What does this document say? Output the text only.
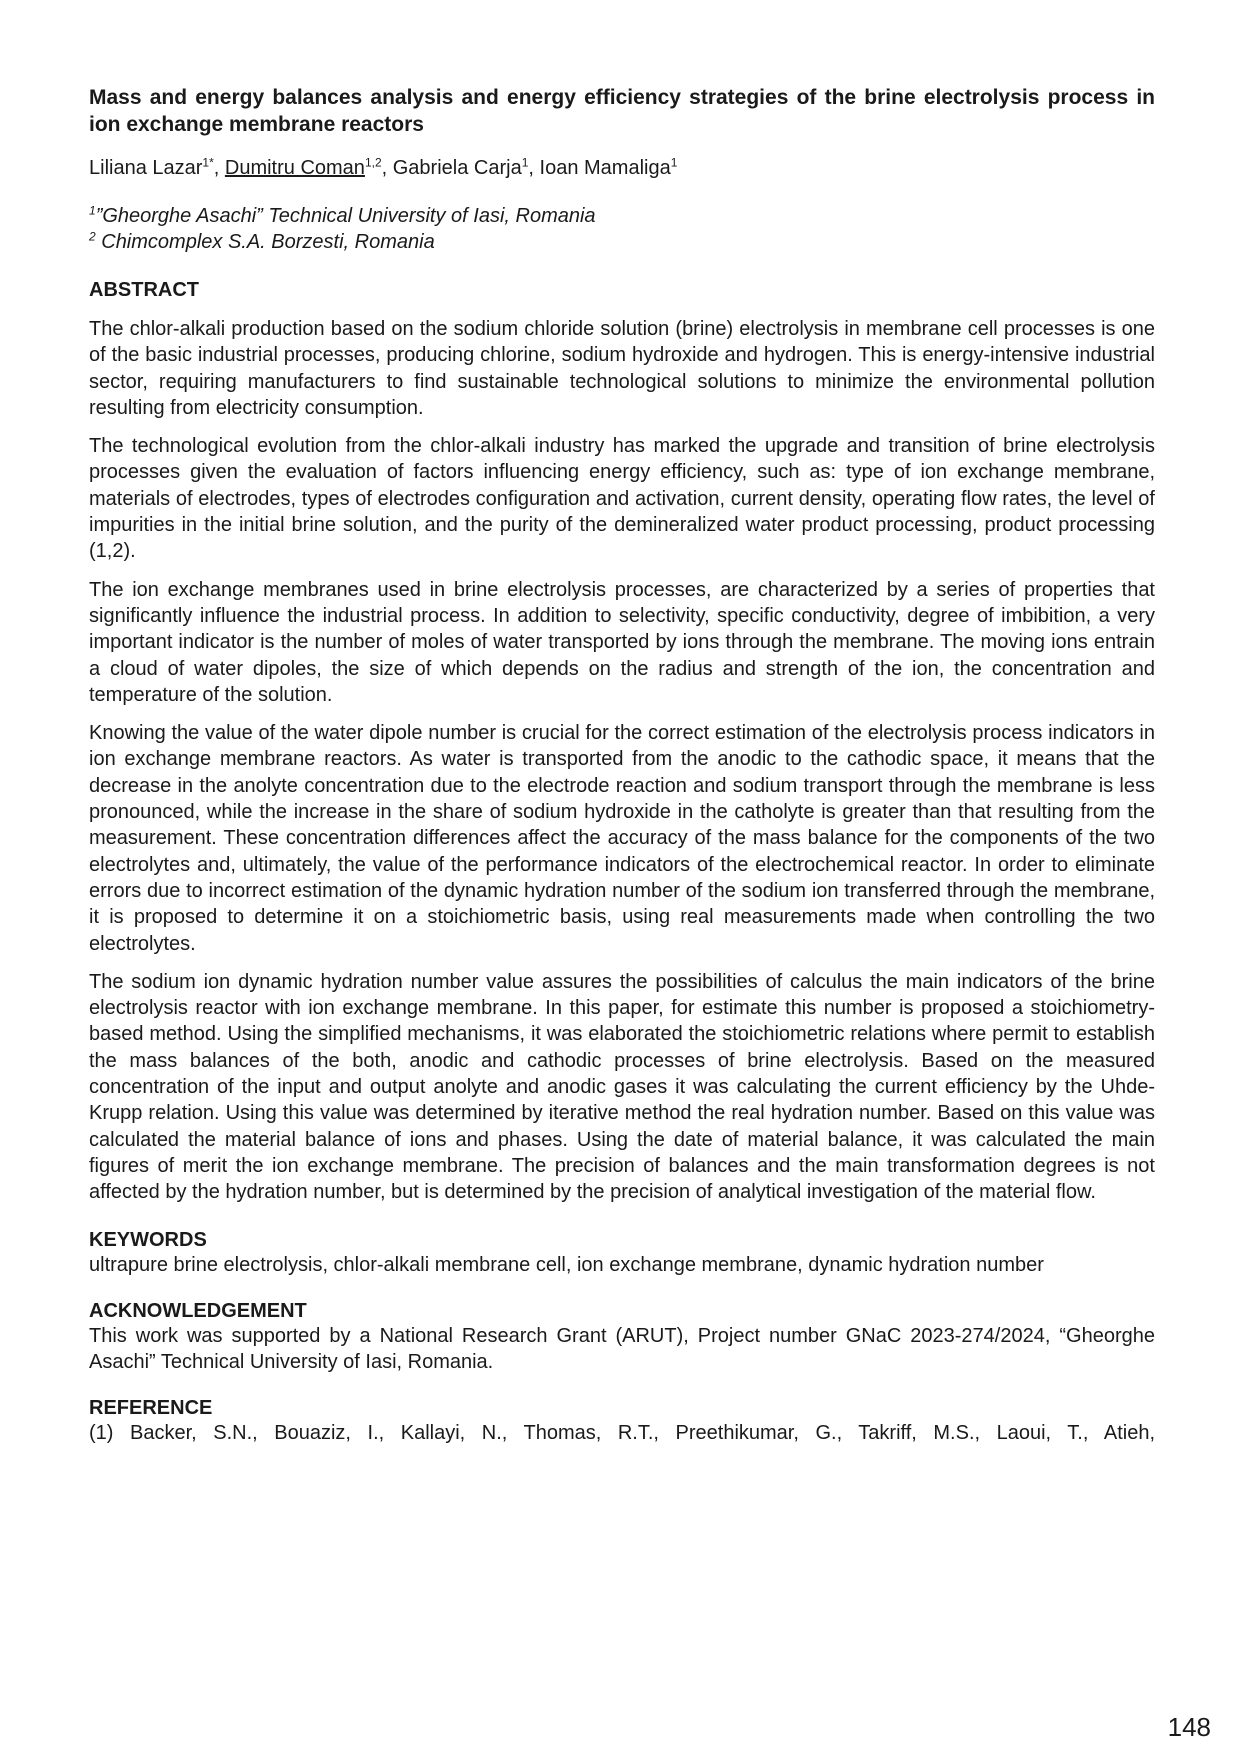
Mass and energy balances analysis and energy efficiency strategies of the brine electrolysis process in ion exchange membrane reactors
Liliana Lazar$^{1*}$, Dumitru Coman$^{1,2}$, Gabriela Carja$^1$, Ioan Mamaliga$^1$
$^1$”Gheorghe Asachi” Technical University of Iasi, Romania
$^2$ Chimcomplex S.A. Borzesti, Romania
ABSTRACT

The chlor-alkali production based on the sodium chloride solution (brine) electrolysis in membrane cell processes is one of the basic industrial processes, producing chlorine, sodium hydroxide and hydrogen. This is energy-intensive industrial sector, requiring manufacturers to find sustainable technological solutions to minimize the environmental pollution resulting from electricity consumption.

The technological evolution from the chlor-alkali industry has marked the upgrade and transition of brine electrolysis processes given the evaluation of factors influencing energy efficiency, such as: type of ion exchange membrane, materials of electrodes, types of electrodes configuration and activation, current density, operating flow rates, the level of impurities in the initial brine solution, and the purity of the demineralized water product processing, product processing (1,2).

The ion exchange membranes used in brine electrolysis processes, are characterized by a series of properties that significantly influence the industrial process. In addition to selectivity, specific conductivity, degree of imbibition, a very important indicator is the number of moles of water transported by ions through the membrane. The moving ions entrain a cloud of water dipoles, the size of which depends on the radius and strength of the ion, the concentration and temperature of the solution.

Knowing the value of the water dipole number is crucial for the correct estimation of the electrolysis process indicators in ion exchange membrane reactors. As water is transported from the anodic to the cathodic space, it means that the decrease in the anolyte concentration due to the electrode reaction and sodium transport through the membrane is less pronounced, while the increase in the share of sodium hydroxide in the catholyte is greater than that resulting from the measurement. These concentration differences affect the accuracy of the mass balance for the components of the two electrolytes and, ultimately, the value of the performance indicators of the electrochemical reactor. In order to eliminate errors due to incorrect estimation of the dynamic hydration number of the sodium ion transferred through the membrane, it is proposed to determine it on a stoichiometric basis, using real measurements made when controlling the two electrolytes.

The sodium ion dynamic hydration number value assures the possibilities of calculus the main indicators of the brine electrolysis reactor with ion exchange membrane. In this paper, for estimate this number is proposed a stoichiometry-based method. Using the simplified mechanisms, it was elaborated the stoichiometric relations where permit to establish the mass balances of the both, anodic and cathodic processes of brine electrolysis. Based on the measured concentration of the input and output anolyte and anodic gases it was calculating the current efficiency by the Uhde-Krupp relation. Using this value was determined by iterative method the real hydration number. Based on this value was calculated the material balance of ions and phases. Using the date of material balance, it was calculated the main figures of merit the ion exchange membrane. The precision of balances and the main transformation degrees is not affected by the hydration number, but is determined by the precision of analytical investigation of the material flow.

KEYWORDS

ultrapure brine electrolysis, chlor-alkali membrane cell, ion exchange membrane, dynamic hydration number

ACKNOWLEDGEMENT

This work was supported by a National Research Grant (ARUT), Project number GNaC 2023-274/2024, “Gheorghe Asachi” Technical University of Iasi, Romania.

REFERENCE

(1) Backer, S.N., Bouaziz, I., Kallayi, N., Thomas, R.T., Preethikumar, G., Takriff, M.S., Laoui, T., Atieh,

148
